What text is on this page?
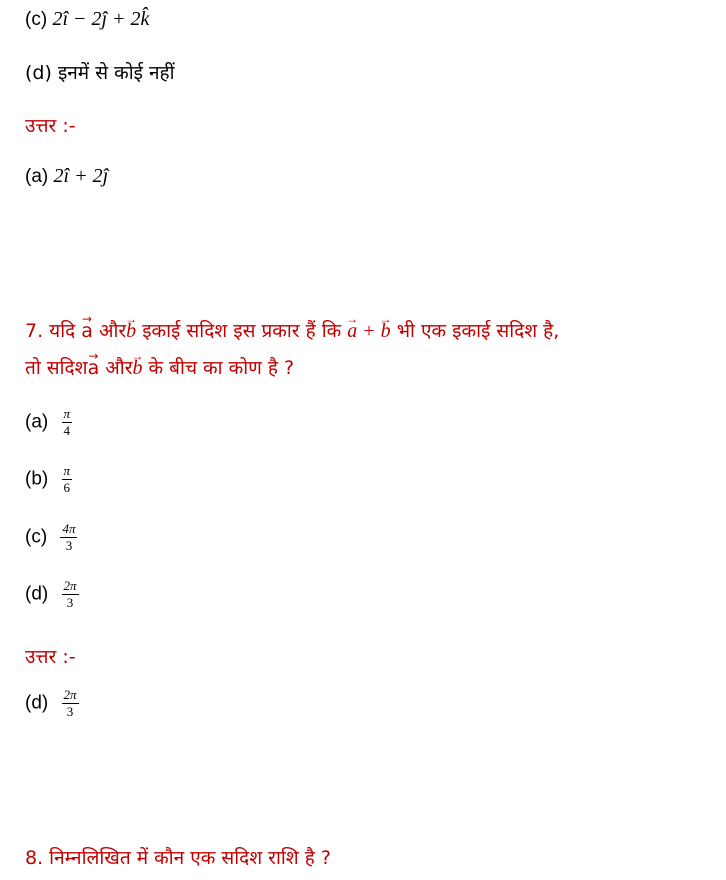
(c) 2î − 2ĵ + 2k̂
(d) इनमें से कोई नहीं
उत्तर :-
(a) 2î + 2ĵ
7. यदि → a और→ b इकाई सदिश इस प्रकार हैं कि → a + → b भी एक इकाई सदिश है,
तो सदिश→ a और→ b के बीच का कोण है ?
$(a) \frac{\pi}{4}$
$(b) \frac{\pi}{6}$
$(c) \frac{4\pi}{3}$
$(d) \frac{2\pi}{3}$
उत्तर :-
$(d) \frac{2\pi}{3}$
8. निम्नलिखित में कौन एक सदिश राशि है ?
